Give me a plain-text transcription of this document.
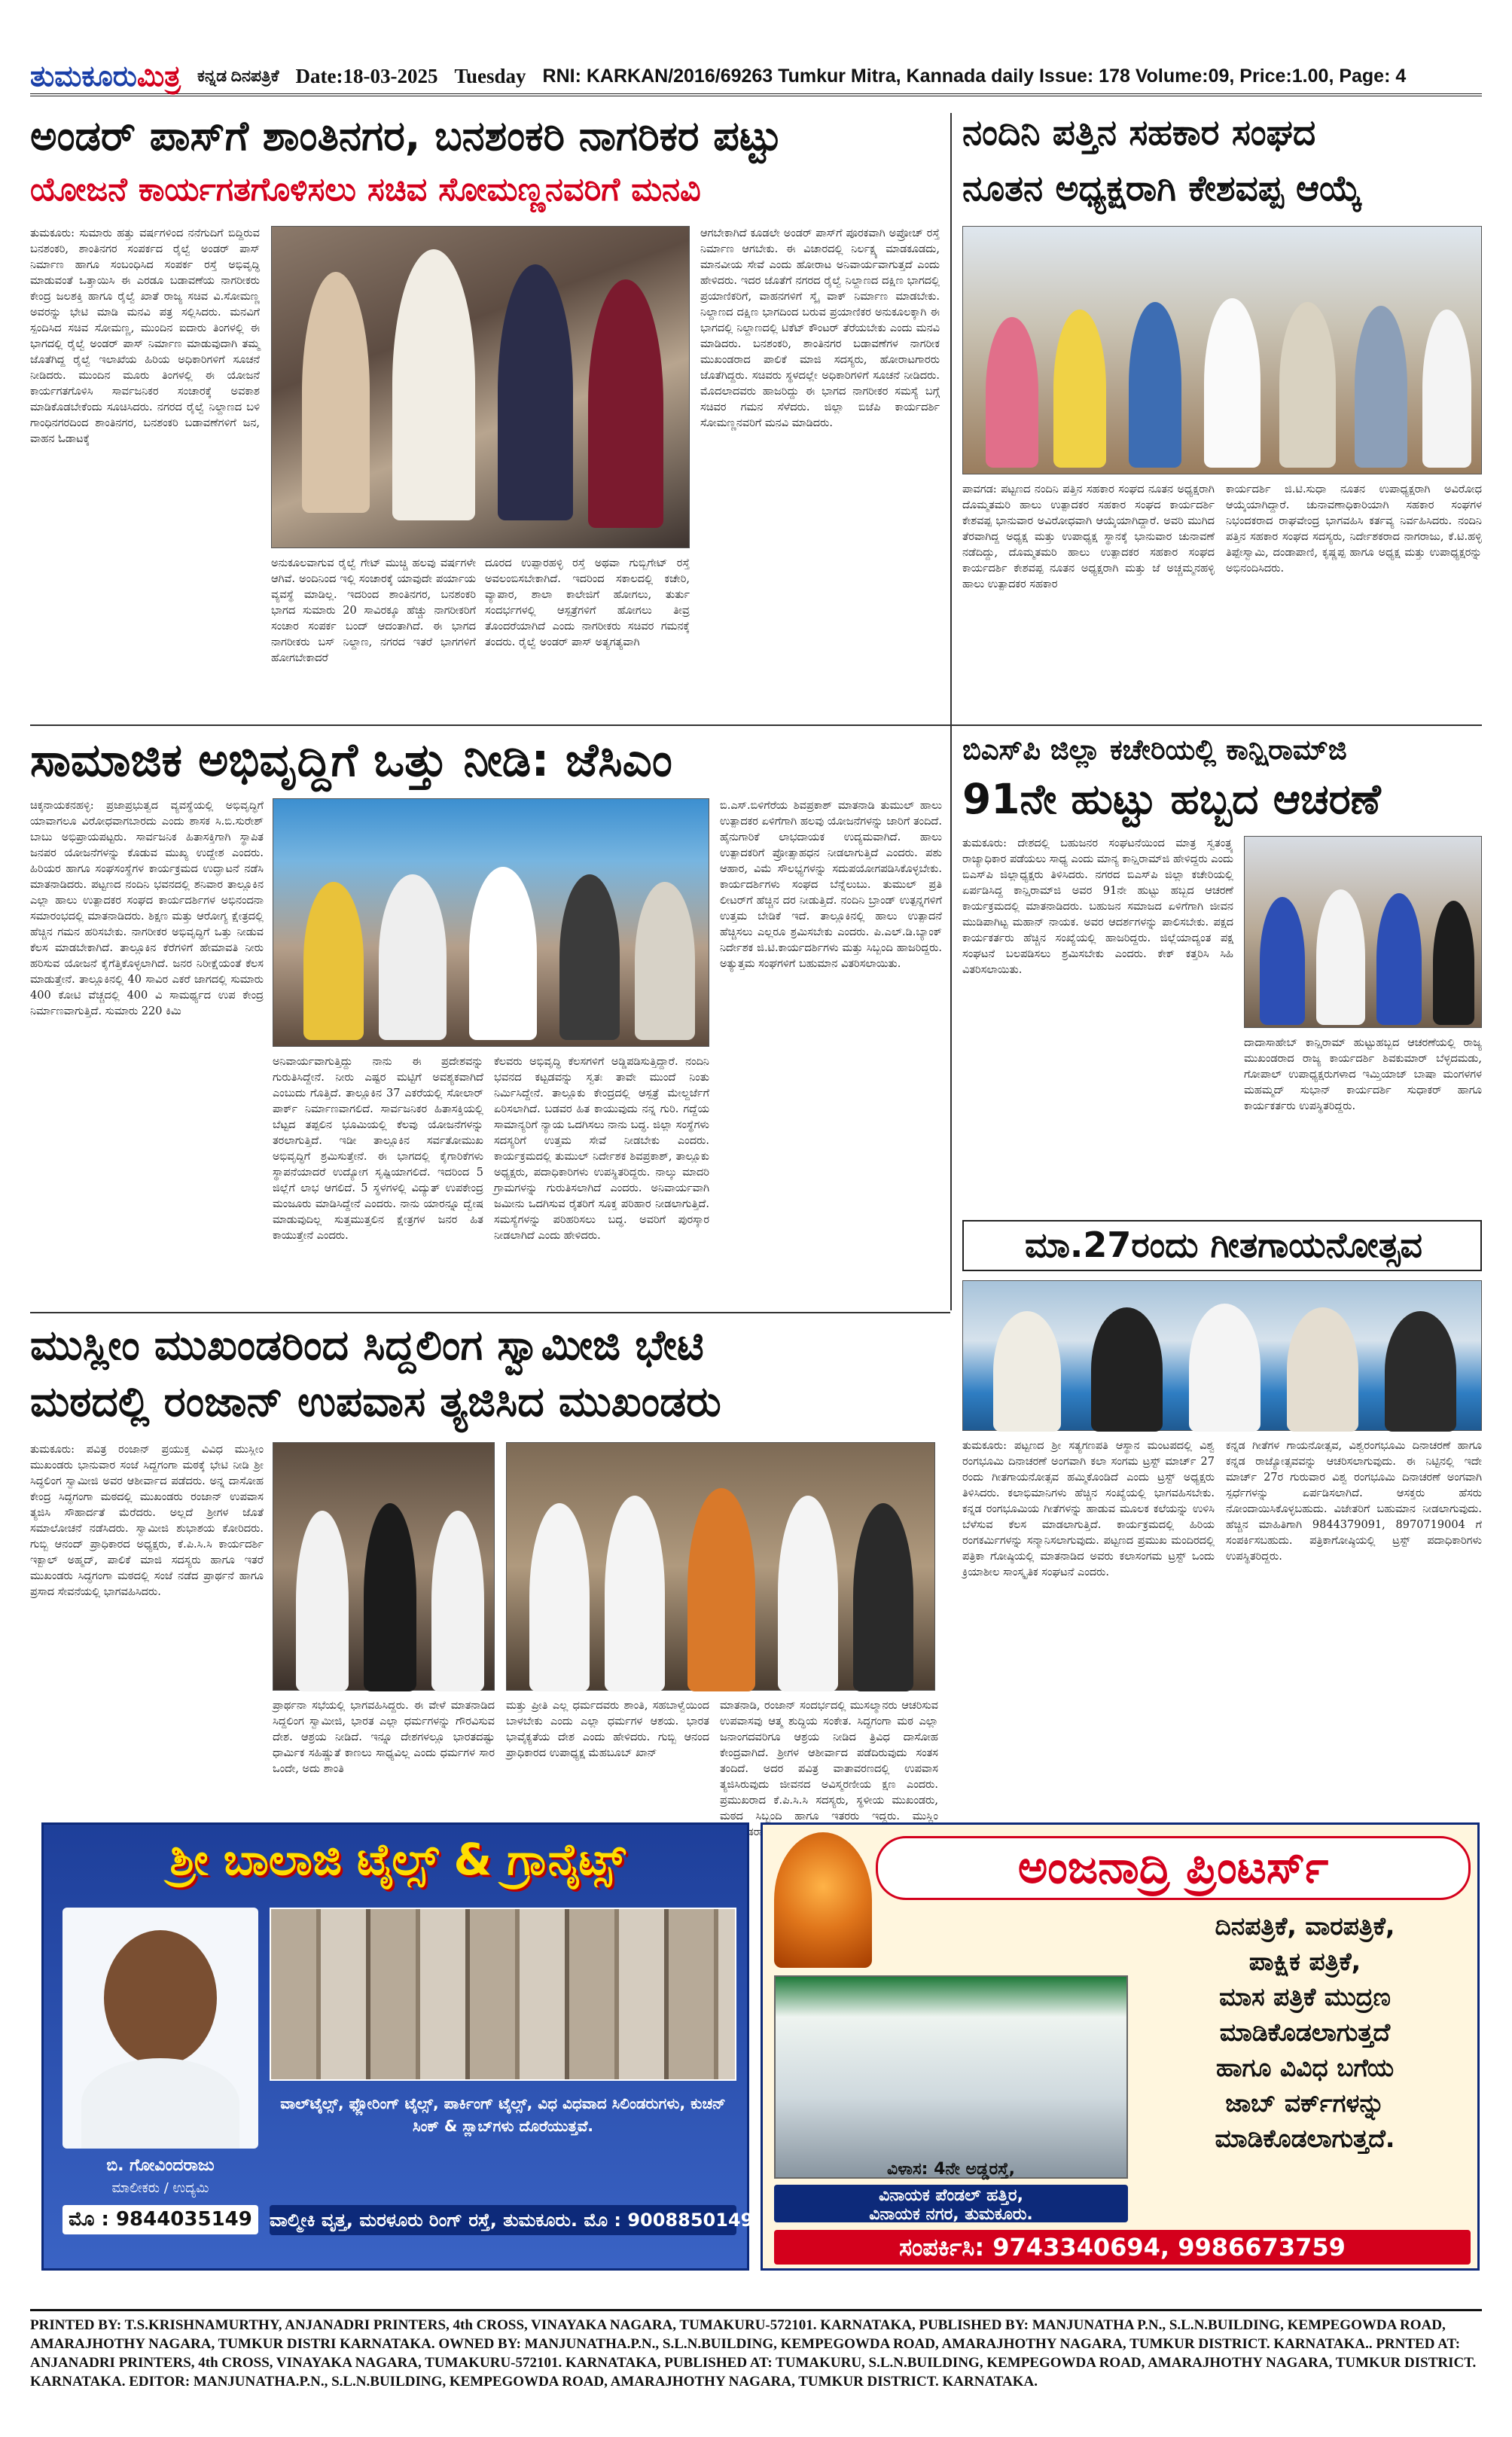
ತುಮಕೂರುಮಿತ್ರ ಕನ್ನಡ ದಿನಪತ್ರಿಕೆ Date:18-03-2025 Tuesday RNI: KARKAN/2016/69263 Tumkur Mitra, Kannada daily Issue: 178 Volume:09, Price:1.00, Page: 4
ಅಂಡರ್ ಪಾಸ್‌ಗೆ ಶಾಂತಿನಗರ, ಬನಶಂಕರಿ ನಾಗರಿಕರ ಪಟ್ಟು
ಯೋಜನೆ ಕಾರ್ಯಗತಗೊಳಿಸಲು ಸಚಿವ ಸೋಮಣ್ಣನವರಿಗೆ ಮನವಿ
ತುಮಕೂರು: ಸುಮಾರು ಹತ್ತು ವರ್ಷಗಳಿಂದ ನನೆಗುದಿಗೆ ಬಿದ್ದಿರುವ ಬನಶಂಕರಿ, ಶಾಂತಿನಗರ ಸಂಪರ್ಕದ ರೈಲ್ವೆ ಅಂಡರ್ ಪಾಸ್ ನಿರ್ಮಾಣ ಹಾಗೂ ಸಂಬಂಧಿಸಿದ ಸಂಪರ್ಕ ರಸ್ತೆ ಅಭಿವೃದ್ಧಿ ಮಾಡುವಂತೆ ಒತ್ತಾಯಿಸಿ ಈ ಎರಡೂ ಬಡಾವಣೆಯ ನಾಗರೀಕರು ಕೇಂದ್ರ ಜಲಶಕ್ತಿ ಹಾಗೂ ರೈಲ್ವೆ ಖಾತೆ ರಾಜ್ಯ ಸಚಿವ ವಿ.ಸೋಮಣ್ಣ ಅವರನ್ನು ಭೇಟಿ ಮಾಡಿ ಮನವಿ ಪತ್ರ ಸಲ್ಲಿಸಿದರು. ಮನವಿಗೆ ಸ್ಪಂದಿಸಿದ ಸಚಿವ ಸೋಮಣ್ಣ, ಮುಂದಿನ ಐದಾರು ತಿಂಗಳಲ್ಲಿ ಈ ಭಾಗದಲ್ಲಿ ರೈಲ್ವೆ ಅಂಡರ್ ಪಾಸ್ ನಿರ್ಮಾಣ ಮಾಡುವುದಾಗಿ ತಮ್ಮ ಜೊತೆಗಿದ್ದ ರೈಲ್ವೆ ಇಲಾಖೆಯ ಹಿರಿಯ ಅಧಿಕಾರಿಗಳಿಗೆ ಸೂಚನೆ ನೀಡಿದರು. ಮುಂದಿನ ಮೂರು ತಿಂಗಳಲ್ಲಿ ಈ ಯೋಜನೆ ಕಾರ್ಯಗತಗೊಳಿಸಿ ಸಾರ್ವಜನಿಕರ ಸಂಚಾರಕ್ಕೆ ಅವಕಾಶ ಮಾಡಿಕೊಡಬೇಕೆಂದು ಸೂಚಿಸಿದರು. ನಗರದ ರೈಲ್ವೆ ನಿಲ್ದಾಣದ ಬಳಿ ಗಾಂಧಿನಗರದಿಂದ ಶಾಂತಿನಗರ, ಬನಶಂಕರಿ ಬಡಾವಣೆಗಳಿಗೆ ಜನ, ವಾಹನ ಓಡಾಟಕ್ಕೆ
ಅನುಕೂಲವಾಗುವ ರೈಲ್ವೆ ಗೇಟ್ ಮುಚ್ಚಿ ಹಲವು ವರ್ಷಗಳೇ ಆಗಿವೆ. ಅಂದಿನಿಂದ ಇಲ್ಲಿ ಸಂಚಾರಕ್ಕೆ ಯಾವುದೇ ಪರ್ಯಾಯ ವ್ಯವಸ್ಥೆ ಮಾಡಿಲ್ಲ. ಇದರಿಂದ ಶಾಂತಿನಗರ, ಬನಶಂಕರಿ ಭಾಗದ ಸುಮಾರು 20 ಸಾವಿರಕ್ಕೂ ಹೆಚ್ಚು ನಾಗರೀಕರಿಗೆ ಸಂಚಾರ ಸಂಪರ್ಕ ಬಂದ್ ಆದಂತಾಗಿದೆ. ಈ ಭಾಗದ ನಾಗರೀಕರು ಬಸ್ ನಿಲ್ದಾಣ, ನಗರದ ಇತರೆ ಭಾಗಗಳಿಗೆ ಹೋಗಬೇಕಾದರೆ
ದೂರದ ಉಪ್ಪಾರಹಳ್ಳಿ ರಸ್ತೆ ಅಥವಾ ಗುಬ್ಬಿಗೇಟ್ ರಸ್ತೆ ಅವಲಂಬಿಸಬೇಕಾಗಿದೆ. ಇದರಿಂದ ಸಕಾಲದಲ್ಲಿ ಕಚೇರಿ, ವ್ಯಾಪಾರ, ಶಾಲಾ ಕಾಲೇಜಿಗೆ ಹೋಗಲು, ತುರ್ತು ಸಂದರ್ಭಗಳಲ್ಲಿ ಆಸ್ಪತ್ರೆಗಳಿಗೆ ಹೋಗಲು ತೀವ್ರ ತೊಂದರೆಯಾಗಿದೆ ಎಂದು ನಾಗರೀಕರು ಸಚಿವರ ಗಮನಕ್ಕೆ ತಂದರು. ರೈಲ್ವೆ ಅಂಡರ್ ಪಾಸ್ ಅತ್ಯಗತ್ಯವಾಗಿ
ಆಗಬೇಕಾಗಿದೆ ಕೂಡಲೇ ಅಂಡರ್ ಪಾಸ್‌ಗೆ ಪೂರಕವಾಗಿ ಅಪ್ರೋಚ್ ರಸ್ತೆ ನಿರ್ಮಾಣ ಆಗಬೇಕು. ಈ ವಿಚಾರದಲ್ಲಿ ನಿರ್ಲಕ್ಷ್ಯ ಮಾಡಕೂಡದು, ಮಾನವೀಯ ಸೇವೆ ಎಂದು ಹೋರಾಟ ಅನಿವಾರ್ಯವಾಗುತ್ತದೆ ಎಂದು ಹೇಳಿದರು. ಇದರ ಜೊತೆಗೆ ನಗರದ ರೈಲ್ವೆ ನಿಲ್ದಾಣದ ದಕ್ಷಿಣ ಭಾಗದಲ್ಲಿ ಪ್ರಯಾಣಿಕರಿಗೆ, ವಾಹನಗಳಿಗೆ ಸ್ಕೈ ವಾಕ್ ನಿರ್ಮಾಣ ಮಾಡಬೇಕು. ನಿಲ್ದಾಣದ ದಕ್ಷಿಣ ಭಾಗದಿಂದ ಬರುವ ಪ್ರಯಾಣಿಕರ ಅನುಕೂಲಕ್ಕಾಗಿ ಈ ಭಾಗದಲ್ಲಿ ನಿಲ್ದಾಣದಲ್ಲಿ ಟಿಕೆಟ್ ಕೌಂಟರ್ ತೆರೆಯಬೇಕು ಎಂದು ಮನವಿ ಮಾಡಿದರು. ಬನಶಂಕರಿ, ಶಾಂತಿನಗರ ಬಡಾವಣೆಗಳ ನಾಗರೀಕ ಮುಖಂಡರಾದ ಪಾಲಿಕೆ ಮಾಜಿ ಸದಸ್ಯರು, ಹೋರಾಟಗಾರರು ಜೊತೆಗಿದ್ದರು. ಸಚಿವರು ಸ್ಥಳದಲ್ಲೇ ಅಧಿಕಾರಿಗಳಿಗೆ ಸೂಚನೆ ನೀಡಿದರು. ಮೊದಲಾದವರು ಹಾಜರಿದ್ದು ಈ ಭಾಗದ ನಾಗರೀಕರ ಸಮಸ್ಯೆ ಬಗ್ಗೆ ಸಚಿವರ ಗಮನ ಸೆಳೆದರು. ಜಿಲ್ಲಾ ಬಿಜೆಪಿ ಕಾರ್ಯದರ್ಶಿ ಸೋಮಣ್ಣನವರಿಗೆ ಮನವಿ ಮಾಡಿದರು.
ನಂದಿನಿ ಪತ್ತಿನ ಸಹಕಾರ ಸಂಘದ
ನೂತನ ಅಧ್ಯಕ್ಷರಾಗಿ ಕೇಶವಪ್ಪ ಆಯ್ಕೆ
ಪಾವಗಡ: ಪಟ್ಟಣದ ನಂದಿನಿ ಪತ್ತಿನ ಸಹಕಾರ ಸಂಘದ ನೂತನ ಅಧ್ಯಕ್ಷರಾಗಿ ದೊಮ್ಮತಮರಿ ಹಾಲು ಉತ್ಪಾದಕರ ಸಹಕಾರ ಸಂಘದ ಕಾರ್ಯದರ್ಶಿ ಕೇಶವಪ್ಪ ಭಾನುವಾರ ಅವಿರೋಧವಾಗಿ ಆಯ್ಕೆಯಾಗಿದ್ದಾರೆ. ಅವರಿ ಮುಗಿದ ತೆರವಾಗಿದ್ದ ಅಧ್ಯಕ್ಷ ಮತ್ತು ಉಪಾಧ್ಯಕ್ಷ ಸ್ಥಾನಕ್ಕೆ ಭಾನುವಾರ ಚುನಾವಣೆ ನಡೆದಿದ್ದು, ದೊಮ್ಮತಮರಿ ಹಾಲು ಉತ್ಪಾದಕರ ಸಹಕಾರ ಸಂಘದ ಕಾರ್ಯದರ್ಶಿ ಕೇಶವಪ್ಪ ನೂತನ ಅಧ್ಯಕ್ಷರಾಗಿ ಮತ್ತು ಜೆ ಅಚ್ಚಮ್ಮನಹಳ್ಳಿ ಹಾಲು ಉತ್ಪಾದಕರ ಸಹಕಾರ
ಕಾರ್ಯದರ್ಶಿ ಜಿ.ಟಿ.ಸುಧಾ ನೂತನ ಉಪಾಧ್ಯಕ್ಷರಾಗಿ ಅವಿರೋಧ ಆಯ್ಕೆಯಾಗಿದ್ದಾರೆ. ಚುನಾವಣಾಧಿಕಾರಿಯಾಗಿ ಸಹಕಾರ ಸಂಘಗಳ ನಿಭಂದಕರಾದ ರಾಘವೇಂದ್ರ ಭಾಗವಹಿಸಿ ಕರ್ತವ್ಯ ನಿರ್ವಹಿಸಿದರು. ನಂದಿನಿ ಪತ್ತಿನ ಸಹಕಾರ ಸಂಘದ ಸದಸ್ಯರು, ನಿರ್ದೇಶಕರಾದ ನಾಗರಾಜು, ಕೆ.ಟಿ.ಹಳ್ಳಿ ತಿಪ್ಪೇಸ್ವಾಮಿ, ದಂಡಾಪಾಣಿ, ಕೃಷ್ಣಪ್ಪ ಹಾಗೂ ಅಧ್ಯಕ್ಷ ಮತ್ತು ಉಪಾಧ್ಯಕ್ಷರನ್ನು ಅಭಿನಂದಿಸಿದರು.
ಸಾಮಾಜಿಕ ಅಭಿವೃದ್ದಿಗೆ ಒತ್ತು ನೀಡಿ: ಜೆಸಿಎಂ
ಚಿಕ್ಕನಾಯಕನಹಳ್ಳಿ: ಪ್ರಜಾಪ್ರಭುತ್ವದ ವ್ಯವಸ್ಥೆಯಲ್ಲಿ ಅಭಿವೃದ್ಧಿಗೆ ಯಾವಾಗಲೂ ವಿರೋಧವಾಗಬಾರದು ಎಂದು ಶಾಸಕ ಸಿ.ಬಿ.ಸುರೇಶ್ ಬಾಬು ಅಭಿಪ್ರಾಯಪಟ್ಟರು. ಸಾರ್ವಜನಿಕ ಹಿತಾಸಕ್ತಿಗಾಗಿ ಸ್ಥಾಪಿತ ಜನಪರ ಯೋಜನೆಗಳನ್ನು ಕೊಡುವ ಮುಖ್ಯ ಉದ್ದೇಶ ಎಂದರು. ಹಿರಿಯರ ಹಾಗೂ ಸಂಘಸಂಸ್ಥೆಗಳ ಕಾರ್ಯಕ್ರಮದ ಉದ್ಘಾಟನೆ ನಡೆಸಿ ಮಾತನಾಡಿದರು. ಪಟ್ಟಣದ ನಂದಿನಿ ಭವನದಲ್ಲಿ ಶನಿವಾರ ತಾಲ್ಲೂಕಿನ ಎಲ್ಲಾ ಹಾಲು ಉತ್ಪಾದಕರ ಸಂಘದ ಕಾರ್ಯದರ್ಶಿಗಳ ಅಭಿನಂದನಾ ಸಮಾರಂಭದಲ್ಲಿ ಮಾತನಾಡಿದರು. ಶಿಕ್ಷಣ ಮತ್ತು ಆರೋಗ್ಯ ಕ್ಷೇತ್ರದಲ್ಲಿ ಹೆಚ್ಚಿನ ಗಮನ ಹರಿಸಬೇಕು. ನಾಗರೀಕರ ಅಭಿವೃದ್ಧಿಗೆ ಒತ್ತು ನೀಡುವ ಕೆಲಸ ಮಾಡಬೇಕಾಗಿದೆ. ತಾಲ್ಲೂಕಿನ ಕೆರೆಗಳಿಗೆ ಹೇಮಾವತಿ ನೀರು ಹರಿಸುವ ಯೋಜನೆ ಕೈಗೆತ್ತಿಕೊಳ್ಳಲಾಗಿದೆ. ಜನರ ನಿರೀಕ್ಷೆಯಂತೆ ಕೆಲಸ ಮಾಡುತ್ತೇನೆ. ತಾಲ್ಲೂಕಿನಲ್ಲಿ 40 ಸಾವಿರ ಎಕರೆ ಜಾಗದಲ್ಲಿ ಸುಮಾರು 400 ಕೋಟಿ ವೆಚ್ಚದಲ್ಲಿ 400 ವಿ ಸಾಮರ್ಥ್ಯದ ಉಪ ಕೇಂದ್ರ ನಿರ್ಮಾಣವಾಗುತ್ತಿದೆ. ಸುಮಾರು 220 ಕಿಮಿ
ಅನಿವಾರ್ಯವಾಗುತ್ತಿದ್ದು ನಾನು ಈ ಪ್ರದೇಶವನ್ನು ಗುರುತಿಸಿದ್ದೇನೆ. ನೀರು ಎಷ್ಟರ ಮಟ್ಟಿಗೆ ಅವಶ್ಯಕವಾಗಿದೆ ಎಂಬುದು ಗೊತ್ತಿದೆ. ತಾಲ್ಲೂಕಿನ 37 ಎಕರೆಯಲ್ಲಿ ಸೋಲಾರ್ ಪಾರ್ಕ್ ನಿರ್ಮಾಣವಾಗಲಿದೆ. ಸಾರ್ವಜನಿಕರ ಹಿತಾಸಕ್ತಿಯಲ್ಲಿ ಬೆಟ್ಟದ ತಪ್ಪಲಿನ ಭೂಮಿಯಲ್ಲಿ ಕೆಲವು ಯೋಜನೆಗಳನ್ನು ತರಲಾಗುತ್ತಿದೆ. ಇಡೀ ತಾಲ್ಲೂಕಿನ ಸರ್ವತೋಮುಖ ಅಭಿವೃದ್ಧಿಗೆ ಶ್ರಮಿಸುತ್ತೇನೆ. ಈ ಭಾಗದಲ್ಲಿ ಕೈಗಾರಿಕೆಗಳು ಸ್ಥಾಪನೆಯಾದರೆ ಉದ್ಯೋಗ ಸೃಷ್ಟಿಯಾಗಲಿದೆ. ಇದರಿಂದ 5 ಜಿಲ್ಲೆಗೆ ಲಾಭ ಆಗಲಿದೆ. 5 ಸ್ಥಳಗಳಲ್ಲಿ ವಿದ್ಯುತ್ ಉಪಕೇಂದ್ರ ಮಂಜೂರು ಮಾಡಿಸಿದ್ದೇನೆ ಎಂದರು. ನಾನು ಯಾರನ್ನೂ ದ್ವೇಷ ಮಾಡುವುದಿಲ್ಲ ಸುತ್ತಮುತ್ತಲಿನ ಕ್ಷೇತ್ರಗಳ ಜನರ ಹಿತ ಕಾಯುತ್ತೇನೆ ಎಂದರು.
ಕೆಲವರು ಅಭಿವೃದ್ಧಿ ಕೆಲಸಗಳಿಗೆ ಅಡ್ಡಿಪಡಿಸುತ್ತಿದ್ದಾರೆ. ನಂದಿನಿ ಭವನದ ಕಟ್ಟಡವನ್ನು ಸ್ವತಃ ತಾವೇ ಮುಂದೆ ನಿಂತು ನಿರ್ಮಿಸಿದ್ದೇನೆ. ತಾಲ್ಲೂಕು ಕೇಂದ್ರದಲ್ಲಿ ಆಸ್ಪತ್ರೆ ಮೇಲ್ದರ್ಜೆಗೆ ಏರಿಸಲಾಗಿದೆ. ಬಡವರ ಹಿತ ಕಾಯುವುದು ನನ್ನ ಗುರಿ. ಗದ್ದೆಯ ಸಾಮಾನ್ಯರಿಗೆ ನ್ಯಾಯ ಒದಗಿಸಲು ನಾನು ಬದ್ಧ. ಜಿಲ್ಲಾ ಸಂಸ್ಥೆಗಳು ಸದಸ್ಯರಿಗೆ ಉತ್ತಮ ಸೇವೆ ನೀಡಬೇಕು ಎಂದರು. ಕಾರ್ಯಕ್ರಮದಲ್ಲಿ ತುಮುಲ್ ನಿರ್ದೇಶಕ ಶಿವಪ್ರಕಾಶ್, ತಾಲ್ಲೂಕು ಅಧ್ಯಕ್ಷರು, ಪದಾಧಿಕಾರಿಗಳು ಉಪಸ್ಥಿತರಿದ್ದರು. ನಾಲ್ಕು ಮಾದರಿ ಗ್ರಾಮಗಳನ್ನು ಗುರುತಿಸಲಾಗಿದೆ ಎಂದರು. ಅನಿವಾರ್ಯವಾಗಿ ಜಮೀನು ಒದಗಿಸುವ ರೈತರಿಗೆ ಸೂಕ್ತ ಪರಿಹಾರ ನೀಡಲಾಗುತ್ತಿದೆ. ಸಮಸ್ಯೆಗಳನ್ನು ಪರಿಹರಿಸಲು ಬದ್ಧ. ಅವರಿಗೆ ಪುರಸ್ಕಾರ ನೀಡಲಾಗಿದೆ ಎಂದು ಹೇಳಿದರು.
ಬಿ.ಎಸ್.ಬಿಳಿಗೆರೆಯ ಶಿವಪ್ರಕಾಶ್ ಮಾತನಾಡಿ ತುಮುಲ್ ಹಾಲು ಉತ್ಪಾದಕರ ಏಳಿಗೆಗಾಗಿ ಹಲವು ಯೋಜನೆಗಳನ್ನು ಜಾರಿಗೆ ತಂದಿದೆ. ಹೈನುಗಾರಿಕೆ ಲಾಭದಾಯಕ ಉದ್ಯಮವಾಗಿದೆ. ಹಾಲು ಉತ್ಪಾದಕರಿಗೆ ಪ್ರೋತ್ಸಾಹಧನ ನೀಡಲಾಗುತ್ತಿದೆ ಎಂದರು. ಪಶು ಆಹಾರ, ವಿಮೆ ಸೌಲಭ್ಯಗಳನ್ನು ಸದುಪಯೋಗಪಡಿಸಿಕೊಳ್ಳಬೇಕು. ಕಾರ್ಯದರ್ಶಿಗಳು ಸಂಘದ ಬೆನ್ನೆಲುಬು. ತುಮುಲ್ ಪ್ರತಿ ಲೀಟರ್‌ಗೆ ಹೆಚ್ಚಿನ ದರ ನೀಡುತ್ತಿದೆ. ನಂದಿನಿ ಬ್ರಾಂಡ್ ಉತ್ಪನ್ನಗಳಿಗೆ ಉತ್ತಮ ಬೇಡಿಕೆ ಇದೆ. ತಾಲ್ಲೂಕಿನಲ್ಲಿ ಹಾಲು ಉತ್ಪಾದನೆ ಹೆಚ್ಚಿಸಲು ಎಲ್ಲರೂ ಶ್ರಮಿಸಬೇಕು ಎಂದರು. ಪಿ.ಎಲ್.ಡಿ.ಬ್ಯಾಂಕ್ ನಿರ್ದೇಶಕ ಜಿ.ಟಿ.ಕಾರ್ಯದರ್ಶಿಗಳು ಮತ್ತು ಸಿಬ್ಬಂದಿ ಹಾಜರಿದ್ದರು. ಅತ್ಯುತ್ತಮ ಸಂಘಗಳಿಗೆ ಬಹುಮಾನ ವಿತರಿಸಲಾಯಿತು.
ಬಿಎಸ್‌ಪಿ ಜಿಲ್ಲಾ ಕಚೇರಿಯಲ್ಲಿ ಕಾನ್ಷಿರಾಮ್‌ಜಿ
91ನೇ ಹುಟ್ಟು ಹಬ್ಬದ ಆಚರಣೆ
ತುಮಕೂರು: ದೇಶದಲ್ಲಿ ಬಹುಜನರ ಸಂಘಟನೆಯಿಂದ ಮಾತ್ರ ಸ್ವತಂತ್ರ್ಯ ರಾಜ್ಯಾಧಿಕಾರ ಪಡೆಯಲು ಸಾಧ್ಯ ಎಂದು ಮಾನ್ಯ ಕಾನ್ಷಿರಾಮ್‌ಜಿ ಹೇಳಿದ್ದರು ಎಂದು ಬಿಎಸ್‌ಪಿ ಜಿಲ್ಲಾಧ್ಯಕ್ಷರು ತಿಳಿಸಿದರು. ನಗರದ ಬಿಎಸ್‌ಪಿ ಜಿಲ್ಲಾ ಕಚೇರಿಯಲ್ಲಿ ಏರ್ಪಡಿಸಿದ್ದ ಕಾನ್ಷಿರಾಮ್‌ಜಿ ಅವರ 91ನೇ ಹುಟ್ಟು ಹಬ್ಬದ ಆಚರಣೆ ಕಾರ್ಯಕ್ರಮದಲ್ಲಿ ಮಾತನಾಡಿದರು. ಬಹುಜನ ಸಮಾಜದ ಏಳಿಗೆಗಾಗಿ ಜೀವನ ಮುಡಿಪಾಗಿಟ್ಟ ಮಹಾನ್ ನಾಯಕ. ಅವರ ಆದರ್ಶಗಳನ್ನು ಪಾಲಿಸಬೇಕು. ಪಕ್ಷದ ಕಾರ್ಯಕರ್ತರು ಹೆಚ್ಚಿನ ಸಂಖ್ಯೆಯಲ್ಲಿ ಹಾಜರಿದ್ದರು. ಜಿಲ್ಲೆಯಾದ್ಯಂತ ಪಕ್ಷ ಸಂಘಟನೆ ಬಲಪಡಿಸಲು ಶ್ರಮಿಸಬೇಕು ಎಂದರು. ಕೇಕ್ ಕತ್ತರಿಸಿ ಸಿಹಿ ವಿತರಿಸಲಾಯಿತು.
ದಾದಾಸಾಹೇಬ್ ಕಾನ್ಷಿರಾಮ್ ಹುಟ್ಟುಹಬ್ಬದ ಆಚರಣೆಯಲ್ಲಿ ರಾಜ್ಯ ಮುಖಂಡರಾದ ರಾಜ್ಯ ಕಾರ್ಯದರ್ಶಿ ಶಿವಕುಮಾರ್ ಬೆಳ್ಳದಮಡು, ಗೋಪಾಲ್ ಉಪಾಧ್ಯಕ್ಷರುಗಳಾದ ಇಮ್ತಿಯಾಜ್ ಬಾಷಾ ಮಂಗಳಗಳ ಮಹಮ್ಮದ್ ಸುಭಾನ್ ಕಾರ್ಯದರ್ಶಿ ಸುಧಾಕರ್ ಹಾಗೂ ಕಾರ್ಯಕರ್ತರು ಉಪಸ್ಥಿತರಿದ್ದರು.
ಮಾ.27ರಂದು ಗೀತಗಾಯನೋತ್ಸವ
ತುಮಕೂರು: ಪಟ್ಟಣದ ಶ್ರೀ ಸತ್ಯಗಣಪತಿ ಆಸ್ಥಾನ ಮಂಟಪದಲ್ಲಿ ವಿಶ್ವ ರಂಗಭೂಮಿ ದಿನಾಚರಣೆ ಅಂಗವಾಗಿ ಕಲಾ ಸಂಗಮ ಟ್ರಸ್ಟ್ ಮಾರ್ಚ್ 27 ರಂದು ಗೀತಗಾಯನೋತ್ಸವ ಹಮ್ಮಿಕೊಂಡಿದೆ ಎಂದು ಟ್ರಸ್ಟ್ ಅಧ್ಯಕ್ಷರು ತಿಳಿಸಿದರು. ಕಲಾಭಿಮಾನಿಗಳು ಹೆಚ್ಚಿನ ಸಂಖ್ಯೆಯಲ್ಲಿ ಭಾಗವಹಿಸಬೇಕು. ಕನ್ನಡ ರಂಗಭೂಮಿಯ ಗೀತೆಗಳನ್ನು ಹಾಡುವ ಮೂಲಕ ಕಲೆಯನ್ನು ಉಳಿಸಿ ಬೆಳೆಸುವ ಕೆಲಸ ಮಾಡಲಾಗುತ್ತಿದೆ. ಕಾರ್ಯಕ್ರಮದಲ್ಲಿ ಹಿರಿಯ ರಂಗಕರ್ಮಿಗಳನ್ನು ಸನ್ಮಾನಿಸಲಾಗುವುದು. ಪಟ್ಟಣದ ಪ್ರಮುಖ ಮಂದಿರದಲ್ಲಿ ಪತ್ರಿಕಾ ಗೋಷ್ಠಿಯಲ್ಲಿ ಮಾತನಾಡಿದ ಅವರು ಕಲಾಸಂಗಮ ಟ್ರಸ್ಟ್ ಒಂದು ಕ್ರಿಯಾಶೀಲ ಸಾಂಸ್ಕೃತಿಕ ಸಂಘಟನೆ ಎಂದರು.
ಕನ್ನಡ ಗೀತೆಗಳ ಗಾಯನೋತ್ಸವ, ವಿಶ್ವರಂಗಭೂಮಿ ದಿನಾಚರಣೆ ಹಾಗೂ ಕನ್ನಡ ರಾಜ್ಯೋತ್ಸವವನ್ನು ಆಚರಿಸಲಾಗುವುದು. ಈ ನಿಟ್ಟಿನಲ್ಲಿ ಇದೇ ಮಾರ್ಚ್ 27ರ ಗುರುವಾರ ವಿಶ್ವ ರಂಗಭೂಮಿ ದಿನಾಚರಣೆ ಅಂಗವಾಗಿ ಸ್ಪರ್ಧೆಗಳನ್ನು ಏರ್ಪಡಿಸಲಾಗಿದೆ. ಆಸಕ್ತರು ಹೆಸರು ನೋಂದಾಯಿಸಿಕೊಳ್ಳಬಹುದು. ವಿಜೇತರಿಗೆ ಬಹುಮಾನ ನೀಡಲಾಗುವುದು. ಹೆಚ್ಚಿನ ಮಾಹಿತಿಗಾಗಿ 9844379091, 8970719004 ಗೆ ಸಂಪರ್ಕಿಸಬಹುದು. ಪತ್ರಿಕಾಗೋಷ್ಠಿಯಲ್ಲಿ ಟ್ರಸ್ಟ್ ಪದಾಧಿಕಾರಿಗಳು ಉಪಸ್ಥಿತರಿದ್ದರು.
ಮುಸ್ಲೀಂ ಮುಖಂಡರಿಂದ ಸಿದ್ದಲಿಂಗ ಸ್ವಾಮೀಜಿ ಭೇಟಿ
ಮಠದಲ್ಲಿ ರಂಜಾನ್ ಉಪವಾಸ ತ್ಯಜಿಸಿದ ಮುಖಂಡರು
ತುಮಕೂರು: ಪವಿತ್ರ ರಂಜಾನ್ ಪ್ರಯುಕ್ತ ವಿವಿಧ ಮುಸ್ಲೀಂ ಮುಖಂಡರು ಭಾನುವಾರ ಸಂಜೆ ಸಿದ್ದಗಂಗಾ ಮಠಕ್ಕೆ ಭೇಟಿ ನೀಡಿ ಶ್ರೀ ಸಿದ್ಧಲಿಂಗ ಸ್ವಾಮೀಜಿ ಅವರ ಆಶೀರ್ವಾದ ಪಡೆದರು. ಅನ್ನ ದಾಸೋಹ ಕೇಂದ್ರ ಸಿದ್ಧಗಂಗಾ ಮಠದಲ್ಲಿ ಮುಖಂಡರು ರಂಜಾನ್ ಉಪವಾಸ ತ್ಯಜಿಸಿ ಸೌಹಾರ್ದತೆ ಮೆರೆದರು. ಅಲ್ಲದೆ ಶ್ರೀಗಳ ಜೊತೆ ಸಮಾಲೋಚನೆ ನಡೆಸಿದರು. ಸ್ವಾಮೀಜಿ ಶುಭಾಶಯ ಕೋರಿದರು. ಗುಬ್ಬಿ ಆನಂದ್ ಪ್ರಾಧಿಕಾರದ ಅಧ್ಯಕ್ಷರು, ಕೆ.ಪಿ.ಸಿ.ಸಿ ಕಾರ್ಯದರ್ಶಿ ಇಕ್ಬಾಲ್ ಅಹ್ಮದ್, ಪಾಲಿಕೆ ಮಾಜಿ ಸದಸ್ಯರು ಹಾಗೂ ಇತರೆ ಮುಖಂಡರು ಸಿದ್ಧಗಂಗಾ ಮಠದಲ್ಲಿ ಸಂಜೆ ನಡೆದ ಪ್ರಾರ್ಥನೆ ಹಾಗೂ ಪ್ರಸಾದ ಸೇವನೆಯಲ್ಲಿ ಭಾಗವಹಿಸಿದರು.
ಪ್ರಾರ್ಥನಾ ಸಭೆಯಲ್ಲಿ ಭಾಗವಹಿಸಿದ್ದರು. ಈ ವೇಳೆ ಮಾತನಾಡಿದ ಸಿದ್ದಲಿಂಗ ಸ್ವಾಮೀಜಿ, ಭಾರತ ಎಲ್ಲಾ ಧರ್ಮಗಳನ್ನು ಗೌರವಿಸುವ ದೇಶ. ಆಶ್ರಯ ನೀಡಿದೆ. ಇನ್ನೂ ದೇಶಗಳಲ್ಲೂ ಭಾರತದಷ್ಟು ಧಾರ್ಮಿಕ ಸಹಿಷ್ಣುತೆ ಕಾಣಲು ಸಾಧ್ಯವಿಲ್ಲ ಎಂದು ಧರ್ಮಗಳ ಸಾರ ಒಂದೇ, ಅದು ಶಾಂತಿ
ಮತ್ತು ಪ್ರೀತಿ ಎಲ್ಲ ಧರ್ಮದವರು ಶಾಂತಿ, ಸಹಬಾಳ್ವೆಯಿಂದ ಬಾಳಬೇಕು ಎಂದು ಎಲ್ಲಾ ಧರ್ಮಗಳ ಆಶಯ. ಭಾರತ ಭಾವೈಕ್ಯತೆಯ ದೇಶ ಎಂದು ಹೇಳಿದರು. ಗುಬ್ಬಿ ಆನಂದ ಪ್ರಾಧಿಕಾರದ ಉಪಾಧ್ಯಕ್ಷ ಮೆಹಬೂಬ್ ಖಾನ್
ಮಾತನಾಡಿ, ರಂಜಾನ್ ಸಂದರ್ಭದಲ್ಲಿ ಮುಸಲ್ಮಾನರು ಆಚರಿಸುವ ಉಪವಾಸವು ಆತ್ಮ ಶುದ್ಧಿಯ ಸಂಕೇತ. ಸಿದ್ಧಗಂಗಾ ಮಠ ಎಲ್ಲಾ ಜನಾಂಗದವರಿಗೂ ಆಶ್ರಯ ನೀಡಿದ ತ್ರಿವಿಧ ದಾಸೋಹ ಕೇಂದ್ರವಾಗಿದೆ. ಶ್ರೀಗಳ ಆಶೀರ್ವಾದ ಪಡೆದಿರುವುದು ಸಂತಸ ತಂದಿದೆ. ಅದರ ಪವಿತ್ರ ವಾತಾವರಣದಲ್ಲಿ ಉಪವಾಸ ತ್ಯಜಿಸಿರುವುದು ಜೀವನದ ಅವಿಸ್ಮರಣೀಯ ಕ್ಷಣ ಎಂದರು. ಪ್ರಮುಖರಾದ ಕೆ.ಪಿ.ಸಿ.ಸಿ ಸದಸ್ಯರು, ಸ್ಥಳೀಯ ಮುಖಂಡರು, ಮಠದ ಸಿಬ್ಬಂದಿ ಹಾಗೂ ಇತರರು ಇದ್ದರು. ಮುಸ್ಲಿಂ
ಶ್ರೀ ಬಾಲಾಜಿ ಟೈಲ್ಸ್ & ಗ್ರಾನೈಟ್ಸ್
ಬಿ. ಗೋವಿಂದರಾಜು
ಮಾಲೀಕರು / ಉದ್ಯಮಿ
ಮೊ : 9844035149
ವಾಲ್‌ಟೈಲ್ಸ್, ಫ್ಲೋರಿಂಗ್ ಟೈಲ್ಸ್, ಪಾರ್ಕಿಂಗ್ ಟೈಲ್ಸ್, ವಿಧ ವಿಧವಾದ ಸಿಲಿಂಡರುಗಳು, ಕುಚನ್ ಸಿಂಕ್ & ಸ್ಲಾಬ್‌ಗಳು ದೊರೆಯುತ್ತವೆ.
ವಾಲ್ಮೀಕಿ ವೃತ್ತ, ಮರಳೂರು ರಿಂಗ್ ರಸ್ತೆ, ತುಮಕೂರು. ಮೊ : 9008850149
ಅಂಜನಾದ್ರಿ ಪ್ರಿಂಟರ್ಸ್
ದಿನಪತ್ರಿಕೆ, ವಾರಪತ್ರಿಕೆ,
ಪಾಕ್ಷಿಕ ಪತ್ರಿಕೆ,
ಮಾಸ ಪತ್ರಿಕೆ ಮುದ್ರಣ
ಮಾಡಿಕೊಡಲಾಗುತ್ತದೆ
ಹಾಗೂ ವಿವಿಧ ಬಗೆಯ
ಜಾಬ್ ವರ್ಕ್‌ಗಳನ್ನು
ಮಾಡಿಕೊಡಲಾಗುತ್ತದೆ.
ವಿಳಾಸ: 4ನೇ ಅಡ್ಡರಸ್ತೆ,
ವಿನಾಯಕ ಪೆಂಡಲ್ ಹತ್ತಿರ,
ವಿನಾಯಕ ನಗರ, ತುಮಕೂರು.
ಸಂಪರ್ಕಿಸಿ: 9743340694, 9986673759
PRINTED BY: T.S.KRISHNAMURTHY, ANJANADRI PRINTERS, 4th CROSS, VINAYAKA NAGARA, TUMAKURU-572101. KARNATAKA, PUBLISHED BY: MANJUNATHA P.N., S.L.N.BUILDING, KEMPEGOWDA ROAD, AMARAJHOTHY NAGARA, TUMKUR DISTRI KARNATAKA. OWNED BY: MANJUNATHA.P.N., S.L.N.BUILDING, KEMPEGOWDA ROAD, AMARAJHOTHY NAGARA, TUMKUR DISTRICT. KARNATAKA.. PRNTED AT: ANJANADRI PRINTERS, 4th CROSS, VINAYAKA NAGARA, TUMAKURU-572101. KARNATAKA, PUBLISHED AT: TUMAKURU, S.L.N.BUILDING, KEMPEGOWDA ROAD, AMARAJHOTHY NAGARA, TUMKUR DISTRICT. KARNATAKA. EDITOR: MANJUNATHA.P.N., S.L.N.BUILDING, KEMPEGOWDA ROAD, AMARAJHOTHY NAGARA, TUMKUR DISTRICT. KARNATAKA.
